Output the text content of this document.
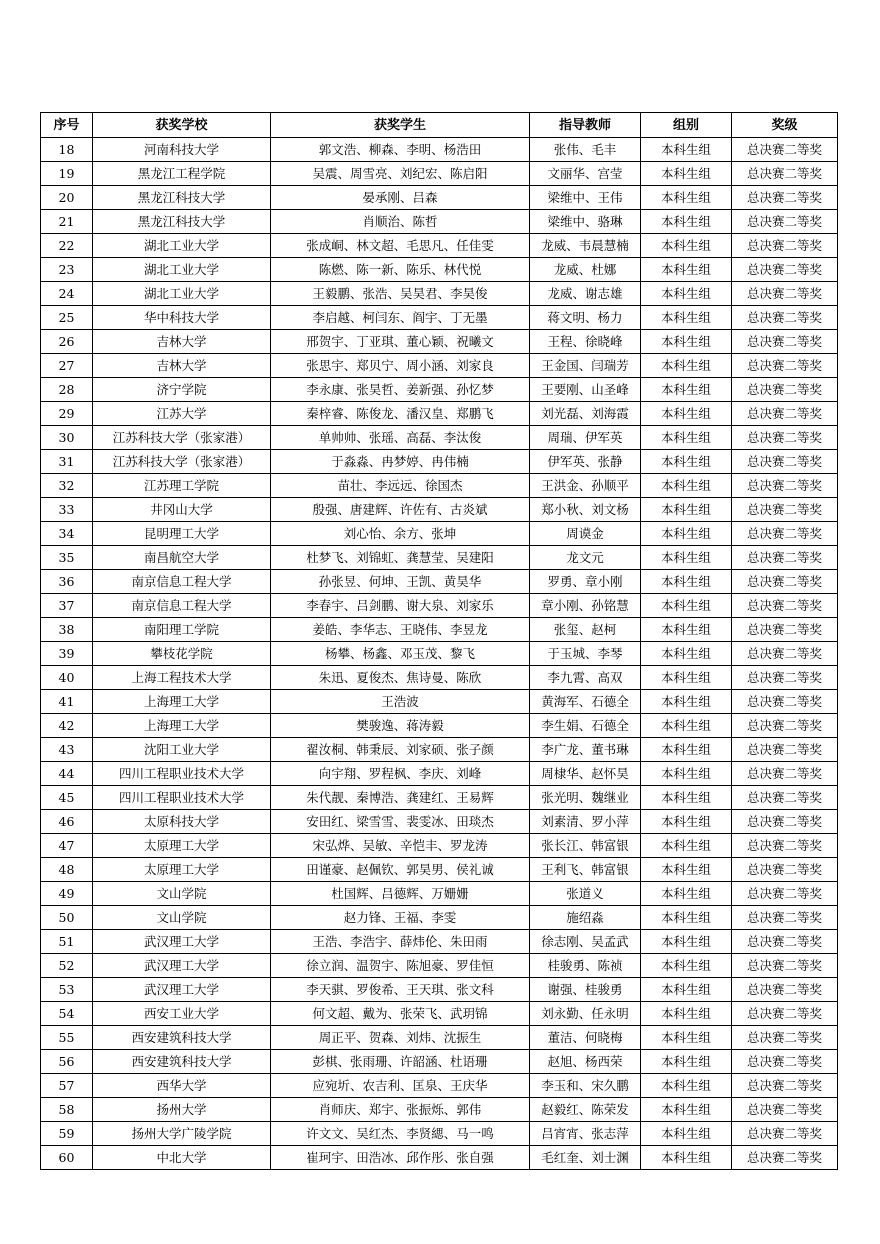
序号	获奖学校	获奖学生	指导教师	组别	奖级
18	河南科技大学	郭文浩、柳森、李明、杨浩田	张伟、毛丰	本科生组	总决赛二等奖
19	黑龙江工程学院	吴震、周雪亮、刘纪宏、陈启阳	文丽华、宫莹	本科生组	总决赛二等奖
20	黑龙江科技大学	晏承刚、吕森	梁维中、王伟	本科生组	总决赛二等奖
21	黑龙江科技大学	肖顺治、陈哲	梁维中、骆琳	本科生组	总决赛二等奖
22	湖北工业大学	张成峒、林文超、毛思凡、任佳雯	龙威、韦晨慧楠	本科生组	总决赛二等奖
23	湖北工业大学	陈燃、陈一新、陈乐、林代悦	龙威、杜娜	本科生组	总决赛二等奖
24	湖北工业大学	王毅鹏、张浩、吴昊君、李昊俊	龙威、谢志雄	本科生组	总决赛二等奖
25	华中科技大学	李启越、柯闫东、阎宇、丁无墨	蒋文明、杨力	本科生组	总决赛二等奖
26	吉林大学	邢贺宇、丁亚琪、董心颖、祝曦文	王程、徐晓峰	本科生组	总决赛二等奖
27	吉林大学	张思宇、郑贝宁、周小涵、刘家良	王金国、闫瑞芳	本科生组	总决赛二等奖
28	济宁学院	李永康、张昊哲、姜新强、孙忆梦	王要刚、山圣峰	本科生组	总决赛二等奖
29	江苏大学	秦梓睿、陈俊龙、潘汉皇、郑鹏飞	刘光磊、刘海霞	本科生组	总决赛二等奖
30	江苏科技大学（张家港）	单帅帅、张瑶、高磊、李汰俊	周瑞、伊军英	本科生组	总决赛二等奖
31	江苏科技大学（张家港）	于淼淼、冉梦婷、冉伟楠	伊军英、张静	本科生组	总决赛二等奖
32	江苏理工学院	苗壮、李远远、徐国杰	王洪金、孙顺平	本科生组	总决赛二等奖
33	井冈山大学	殷强、唐建辉、许佐有、古炎斌	郑小秋、刘文杨	本科生组	总决赛二等奖
34	昆明理工大学	刘心怡、余方、张坤	周谟金	本科生组	总决赛二等奖
35	南昌航空大学	杜梦飞、刘锦虹、龚慧莹、吴建阳	龙文元	本科生组	总决赛二等奖
36	南京信息工程大学	孙张昱、何坤、王凯、黄昊华	罗勇、章小刚	本科生组	总决赛二等奖
37	南京信息工程大学	李春宇、吕剑鹏、谢大泉、刘家乐	章小刚、孙铭慧	本科生组	总决赛二等奖
38	南阳理工学院	姜皓、李华志、王晓伟、李昱龙	张玺、赵柯	本科生组	总决赛二等奖
39	攀枝花学院	杨攀、杨鑫、邓玉茂、黎飞	于玉城、李琴	本科生组	总决赛二等奖
40	上海工程技术大学	朱迅、夏俊杰、焦诗曼、陈欣	李九霄、高双	本科生组	总决赛二等奖
41	上海理工大学	王浩波	黄海军、石德全	本科生组	总决赛二等奖
42	上海理工大学	樊骏逸、蒋涛毅	李生娟、石德全	本科生组	总决赛二等奖
43	沈阳工业大学	翟汝桐、韩秉辰、刘家硕、张子颜	李广龙、董书琳	本科生组	总决赛二等奖
44	四川工程职业技术大学	向宇翔、罗程枫、李庆、刘峰	周棣华、赵怀昊	本科生组	总决赛二等奖
45	四川工程职业技术大学	朱代靓、秦博浩、龚建红、王易辉	张光明、魏继业	本科生组	总决赛二等奖
46	太原科技大学	安田红、梁雪雪、裴雯冰、田琰杰	刘素清、罗小萍	本科生组	总决赛二等奖
47	太原理工大学	宋弘烨、吴敏、辛恺丰、罗龙涛	张长江、韩富银	本科生组	总决赛二等奖
48	太原理工大学	田谨豪、赵佩钦、郭昊男、侯礼诚	王利飞、韩富银	本科生组	总决赛二等奖
49	文山学院	杜国辉、吕德辉、万姗姗	张道义	本科生组	总决赛二等奖
50	文山学院	赵力锋、王福、李雯	施绍淼	本科生组	总决赛二等奖
51	武汉理工大学	王浩、李浩宇、薛炜伦、朱田雨	徐志刚、吴孟武	本科生组	总决赛二等奖
52	武汉理工大学	徐立润、温贺宇、陈旭豪、罗佳恒	桂骏勇、陈祯	本科生组	总决赛二等奖
53	武汉理工大学	李天骐、罗俊希、王天琪、张文科	谢强、桂骏勇	本科生组	总决赛二等奖
54	西安工业大学	何文超、戴为、张荣飞、武玥锦	刘永勤、任永明	本科生组	总决赛二等奖
55	西安建筑科技大学	周正平、贺森、刘炜、沈振生	董洁、何晓梅	本科生组	总决赛二等奖
56	西安建筑科技大学	彭棋、张雨珊、许韶涵、杜语珊	赵旭、杨西荣	本科生组	总决赛二等奖
57	西华大学	应宛圻、农吉利、匡泉、王庆华	李玉和、宋久鹏	本科生组	总决赛二等奖
58	扬州大学	肖师庆、郑宇、张振烁、郭伟	赵毅红、陈荣发	本科生组	总决赛二等奖
59	扬州大学广陵学院	许文文、吴红杰、李贤緦、马一鸣	吕宵宵、张志萍	本科生组	总决赛二等奖
60	中北大学	崔珂宇、田浩冰、邱作彤、张自强	毛红奎、刘士渊	本科生组	总决赛二等奖
